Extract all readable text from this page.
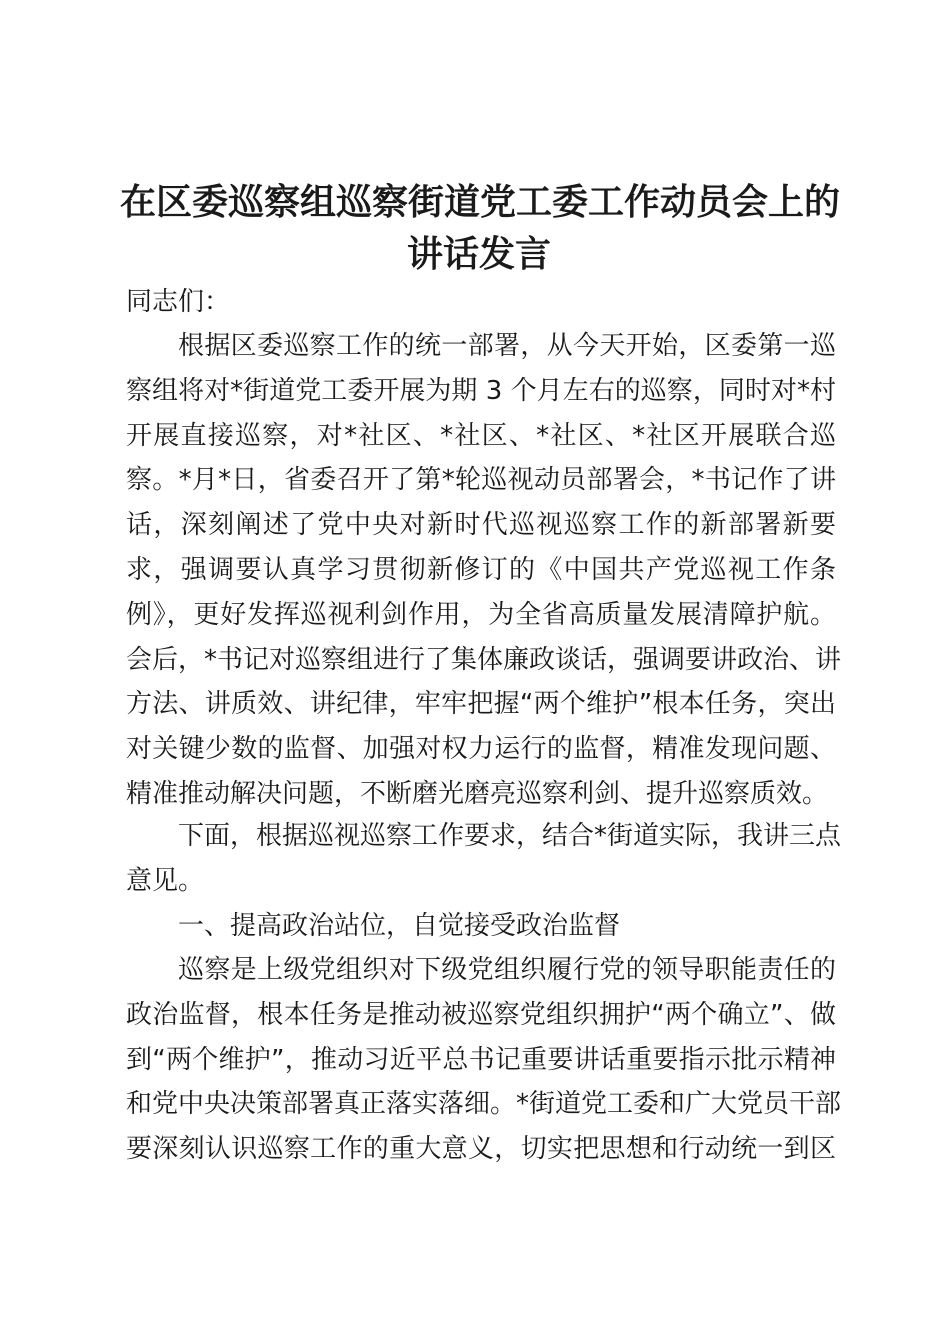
在区委巡察组巡察街道党工委工作动员会上的
讲话发言

同志们：

根据区委巡察工作的统一部署，从今天开始，区委第一巡
察组将对*街道党工委开展为期 3 个月左右的巡察，同时对*村
开展直接巡察，对*社区、*社区、*社区、*社区开展联合巡
察。*月*日，省委召开了第*轮巡视动员部署会，*书记作了讲
话，深刻阐述了党中央对新时代巡视巡察工作的新部署新要
求，强调要认真学习贯彻新修订的《中国共产党巡视工作条
例》，更好发挥巡视利剑作用，为全省高质量发展清障护航。
会后，*书记对巡察组进行了集体廉政谈话，强调要讲政治、讲
方法、讲质效、讲纪律，牢牢把握“两个维护”根本任务，突出
对关键少数的监督、加强对权力运行的监督，精准发现问题、
精准推动解决问题，不断磨光磨亮巡察利剑、提升巡察质效。
下面，根据巡视巡察工作要求，结合*街道实际，我讲三点
意见。
一、提高政治站位，自觉接受政治监督
巡察是上级党组织对下级党组织履行党的领导职能责任的
政治监督，根本任务是推动被巡察党组织拥护“两个确立”、做
到“两个维护”，推动习近平总书记重要讲话重要指示批示精神
和党中央决策部署真正落实落细。*街道党工委和广大党员干部
要深刻认识巡察工作的重大意义，切实把思想和行动统一到区
